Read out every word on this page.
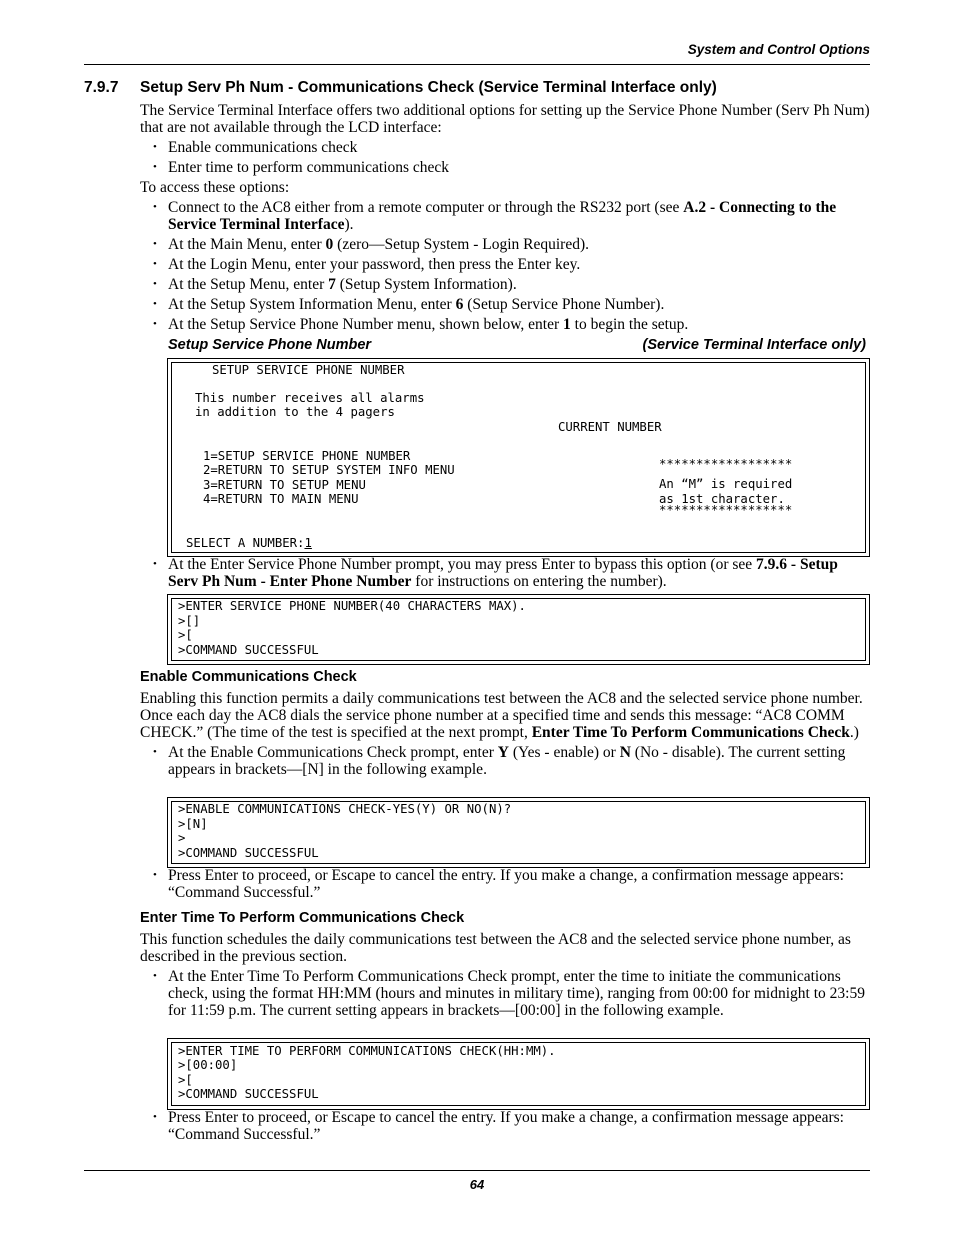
System and Control Options
7.9.7 Setup Serv Ph Num - Communications Check (Service Terminal Interface only)

The Service Terminal Interface offers two additional options for setting up the Service Phone Number (Serv Ph Num) that are not available through the LCD interface:

• Enable communications check
• Enter time to perform communications check

To access these options:

• Connect to the AC8 either from a remote computer or through the RS232 port (see A.2 - Connecting to the Service Terminal Interface).
• At the Main Menu, enter 0 (zero—Setup System - Login Required).
• At the Login Menu, enter your password, then press the Enter key.
• At the Setup Menu, enter 7 (Setup System Information).
• At the Setup System Information Menu, enter 6 (Setup Service Phone Number).
• At the Setup Service Phone Number menu, shown below, enter 1 to begin the setup.
Setup Service Phone Number	(Service Terminal Interface only)
SETUP SERVICE PHONE NUMBER
This number receives all alarms
in addition to the 4 pagers
CURRENT NUMBER
1=SETUP SERVICE PHONE NUMBER
2=RETURN TO SETUP SYSTEM INFO MENU
3=RETURN TO SETUP MENU
4=RETURN TO MAIN MENU
******************
An “M” is required
as 1st character.
******************
SELECT A NUMBER:1
• At the Enter Service Phone Number prompt, you may press Enter to bypass this option (or see 7.9.6 - Setup Serv Ph Num - Enter Phone Number for instructions on entering the number).
>ENTER SERVICE PHONE NUMBER(40 CHARACTERS MAX).
>[]
>[
>COMMAND SUCCESSFUL
Enable Communications Check

Enabling this function permits a daily communications test between the AC8 and the selected service phone number. Once each day the AC8 dials the service phone number at a specified time and sends this message: “AC8 COMM CHECK.” (The time of the test is specified at the next prompt, Enter Time To Perform Communications Check.)

• At the Enable Communications Check prompt, enter Y (Yes - enable) or N (No - disable). The current setting appears in brackets—[N] in the following example.
>ENABLE COMMUNICATIONS CHECK-YES(Y) OR NO(N)?
>[N]
>
>COMMAND SUCCESSFUL
• Press Enter to proceed, or Escape to cancel the entry. If you make a change, a confirmation message appears: “Command Successful.”
Enter Time To Perform Communications Check

This function schedules the daily communications test between the AC8 and the selected service phone number, as described in the previous section.

• At the Enter Time To Perform Communications Check prompt, enter the time to initiate the communications check, using the format HH:MM (hours and minutes in military time), ranging from 00:00 for midnight to 23:59 for 11:59 p.m. The current setting appears in brackets—[00:00] in the following example.
>ENTER TIME TO PERFORM COMMUNICATIONS CHECK(HH:MM).
>[00:00]
>[
>COMMAND SUCCESSFUL
• Press Enter to proceed, or Escape to cancel the entry. If you make a change, a confirmation message appears: “Command Successful.”
64
